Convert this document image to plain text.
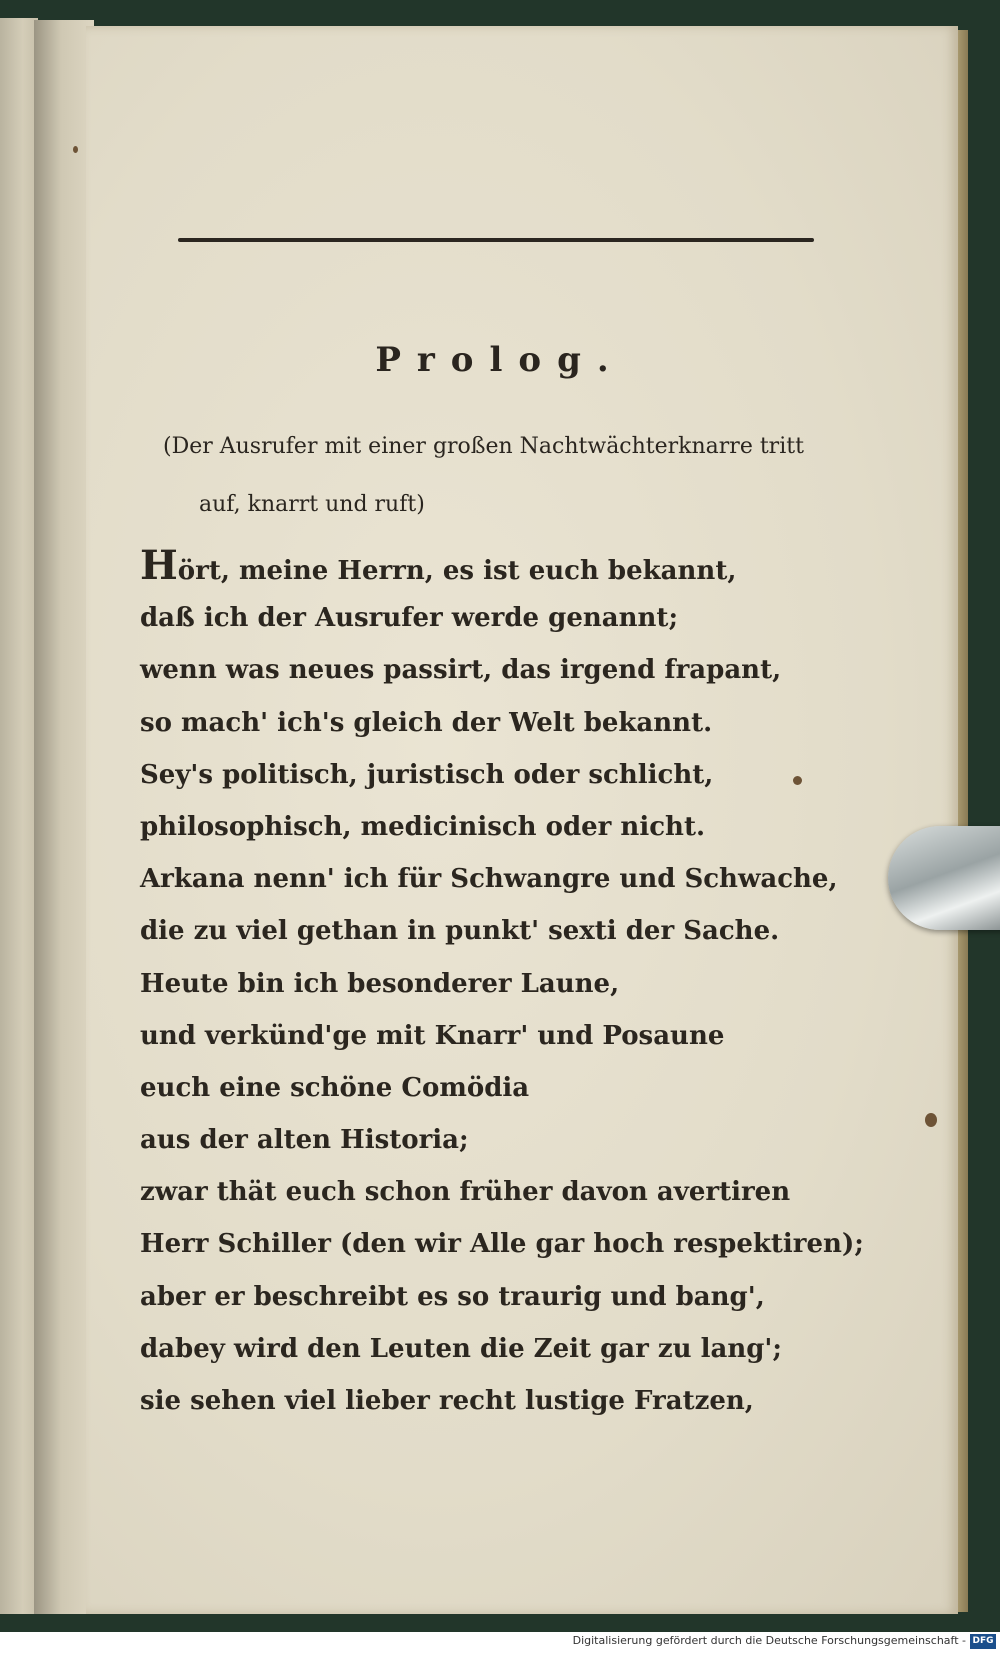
Prolog.
(Der Ausrufer mit einer großen Nachtwächterknarre tritt
auf, knarrt und ruft)
Hört, meine Herrn, es ist euch bekannt,
daß ich der Ausrufer werde genannt;
wenn was neues passirt, das irgend frapant,
so mach' ich's gleich der Welt bekannt.
Sey's politisch, juristisch oder schlicht,
philosophisch, medicinisch oder nicht.
Arkana nenn' ich für Schwangre und Schwache,
die zu viel gethan in punkt' sexti der Sache.
Heute bin ich besonderer Laune,
und verkünd'ge mit Knarr' und Posaune
euch eine schöne Comödia
aus der alten Historia;
zwar thät euch schon früher davon avertiren
Herr Schiller (den wir Alle gar hoch respektiren);
aber er beschreibt es so traurig und bang',
dabey wird den Leuten die Zeit gar zu lang';
sie sehen viel lieber recht lustige Fratzen,
Digitalisierung gefördert durch die Deutsche Forschungsgemeinschaft - DFG
